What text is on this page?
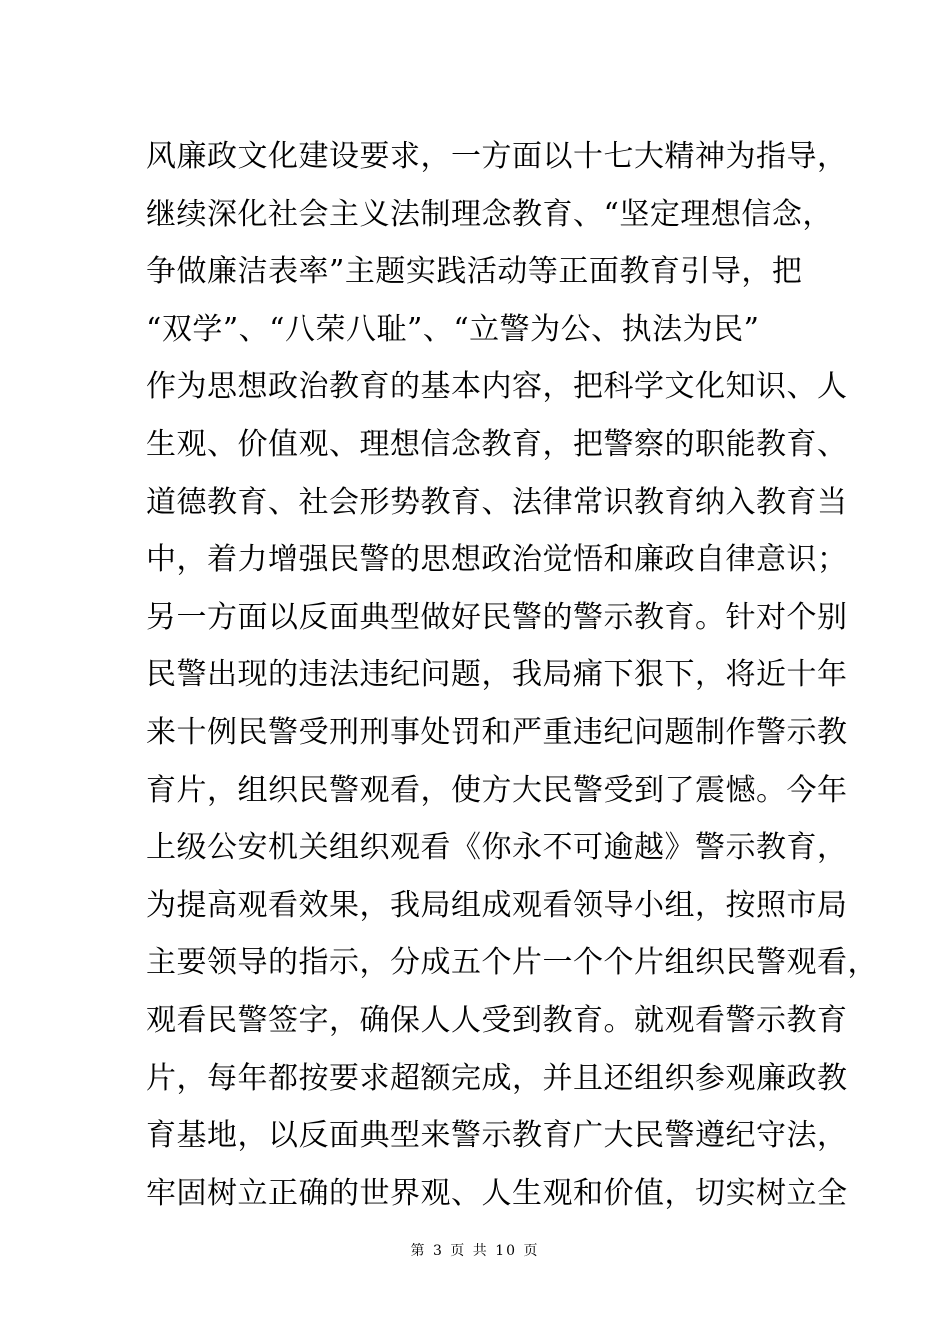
风廉政文化建设要求，一方面以十七大精神为指导，
继续深化社会主义法制理念教育、“坚定理想信念，
争做廉洁表率”主题实践活动等正面教育引导，把
“双学”、“八荣八耻”、“立警为公、执法为民”
作为思想政治教育的基本内容，把科学文化知识、人
生观、价值观、理想信念教育，把警察的职能教育、
道德教育、社会形势教育、法律常识教育纳入教育当
中，着力增强民警的思想政治觉悟和廉政自律意识；
另一方面以反面典型做好民警的警示教育。针对个别
民警出现的违法违纪问题，我局痛下狠下，将近十年
来十例民警受刑刑事处罚和严重违纪问题制作警示教
育片，组织民警观看，使方大民警受到了震憾。今年
上级公安机关组织观看《你永不可逾越》警示教育，
为提高观看效果，我局组成观看领导小组，按照市局
主要领导的指示，分成五个片一个个片组织民警观看，
观看民警签字，确保人人受到教育。就观看警示教育
片，每年都按要求超额完成，并且还组织参观廉政教
育基地，以反面典型来警示教育广大民警遵纪守法，
牢固树立正确的世界观、人生观和价值，切实树立全
第 3 页 共 10 页
